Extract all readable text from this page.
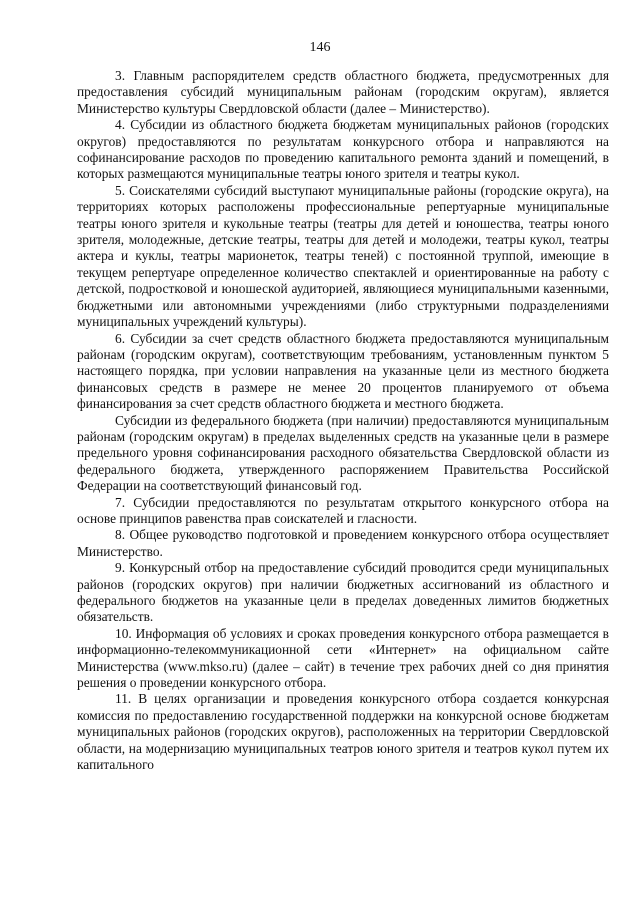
146

3. Главным распорядителем средств областного бюджета, предусмотренных для предоставления субсидий муниципальным районам (городским округам), является Министерство культуры Свердловской области (далее – Министерство).

4. Субсидии из областного бюджета бюджетам муниципальных районов (городских округов) предоставляются по результатам конкурсного отбора и направляются на софинансирование расходов по проведению капитального ремонта зданий и помещений, в которых размещаются муниципальные театры юного зрителя и театры кукол.

5. Соискателями субсидий выступают муниципальные районы (городские округа), на территориях которых расположены профессиональные репертуарные муниципальные театры юного зрителя и кукольные театры (театры для детей и юношества, театры юного зрителя, молодежные, детские театры, театры для детей и молодежи, театры кукол, театры актера и куклы, театры марионеток, театры теней) с постоянной труппой, имеющие в текущем репертуаре определенное количество спектаклей и ориентированные на работу с детской, подростковой и юношеской аудиторией, являющиеся муниципальными казенными, бюджетными или автономными учреждениями (либо структурными подразделениями муниципальных учреждений культуры).

6. Субсидии за счет средств областного бюджета предоставляются муниципальным районам (городским округам), соответствующим требованиям, установленным пунктом 5 настоящего порядка, при условии направления на указанные цели из местного бюджета финансовых средств в размере не менее 20 процентов планируемого от объема финансирования за счет средств областного бюджета и местного бюджета.

Субсидии из федерального бюджета (при наличии) предоставляются муниципальным районам (городским округам) в пределах выделенных средств на указанные цели в размере предельного уровня софинансирования расходного обязательства Свердловской области из федерального бюджета, утвержденного распоряжением Правительства Российской Федерации на соответствующий финансовый год.

7. Субсидии предоставляются по результатам открытого конкурсного отбора на основе принципов равенства прав соискателей и гласности.

8. Общее руководство подготовкой и проведением конкурсного отбора осуществляет Министерство.

9. Конкурсный отбор на предоставление субсидий проводится среди муниципальных районов (городских округов) при наличии бюджетных ассигнований из областного и федерального бюджетов на указанные цели в пределах доведенных лимитов бюджетных обязательств.

10. Информация об условиях и сроках проведения конкурсного отбора размещается в информационно-телекоммуникационной сети «Интернет» на официальном сайте Министерства (www.mkso.ru) (далее – сайт) в течение трех рабочих дней со дня принятия решения о проведении конкурсного отбора.

11. В целях организации и проведения конкурсного отбора создается конкурсная комиссия по предоставлению государственной поддержки на конкурсной основе бюджетам муниципальных районов (городских округов), расположенных на территории Свердловской области, на модернизацию муниципальных театров юного зрителя и театров кукол путем их капитального
